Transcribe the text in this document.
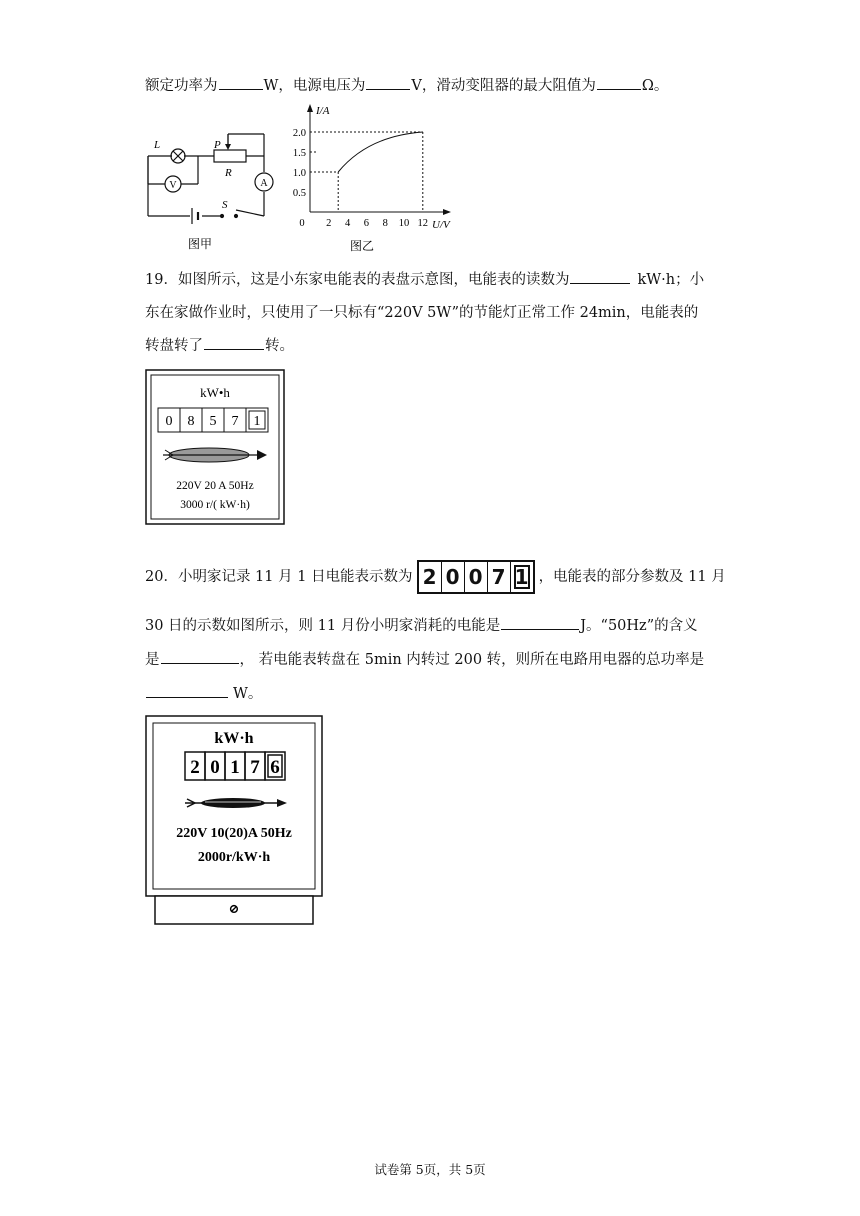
额定功率为	W，电源电压为	V，滑动变阻器的最大阻值为	Ω。
V	A
L	P
R
S
图甲
2.0
1.5
1.0
0.5
0 2 4 6 8 10 12
I/A
U/V
图乙
19．如图所示，这是小东家电能表的表盘示意图，电能表的读数为	kW·h；小
东在家做作业时，只使用了一只标有“220V 5W”的节能灯正常工作 24min，电能表的
转盘转了	转。
kW•h
0 8 5 7 1
220V 20 A 50Hz
3000 r/( kW·h)
20．小明家记录 11 月 1 日电能表示数为 2 0 0 7 1 ，电能表的部分参数及 11 月
30 日的示数如图所示，则 11 月份小明家消耗的电能是	J。“50Hz”的含义
是	， 若电能表转盘在 5min 内转过 200 转，则所在电路用电器的总功率是
W。
⊘
kW·h
2 0 1 7 6
220V 10(20)A 50Hz
2000r/kW·h
试卷第 5页，共 5页
